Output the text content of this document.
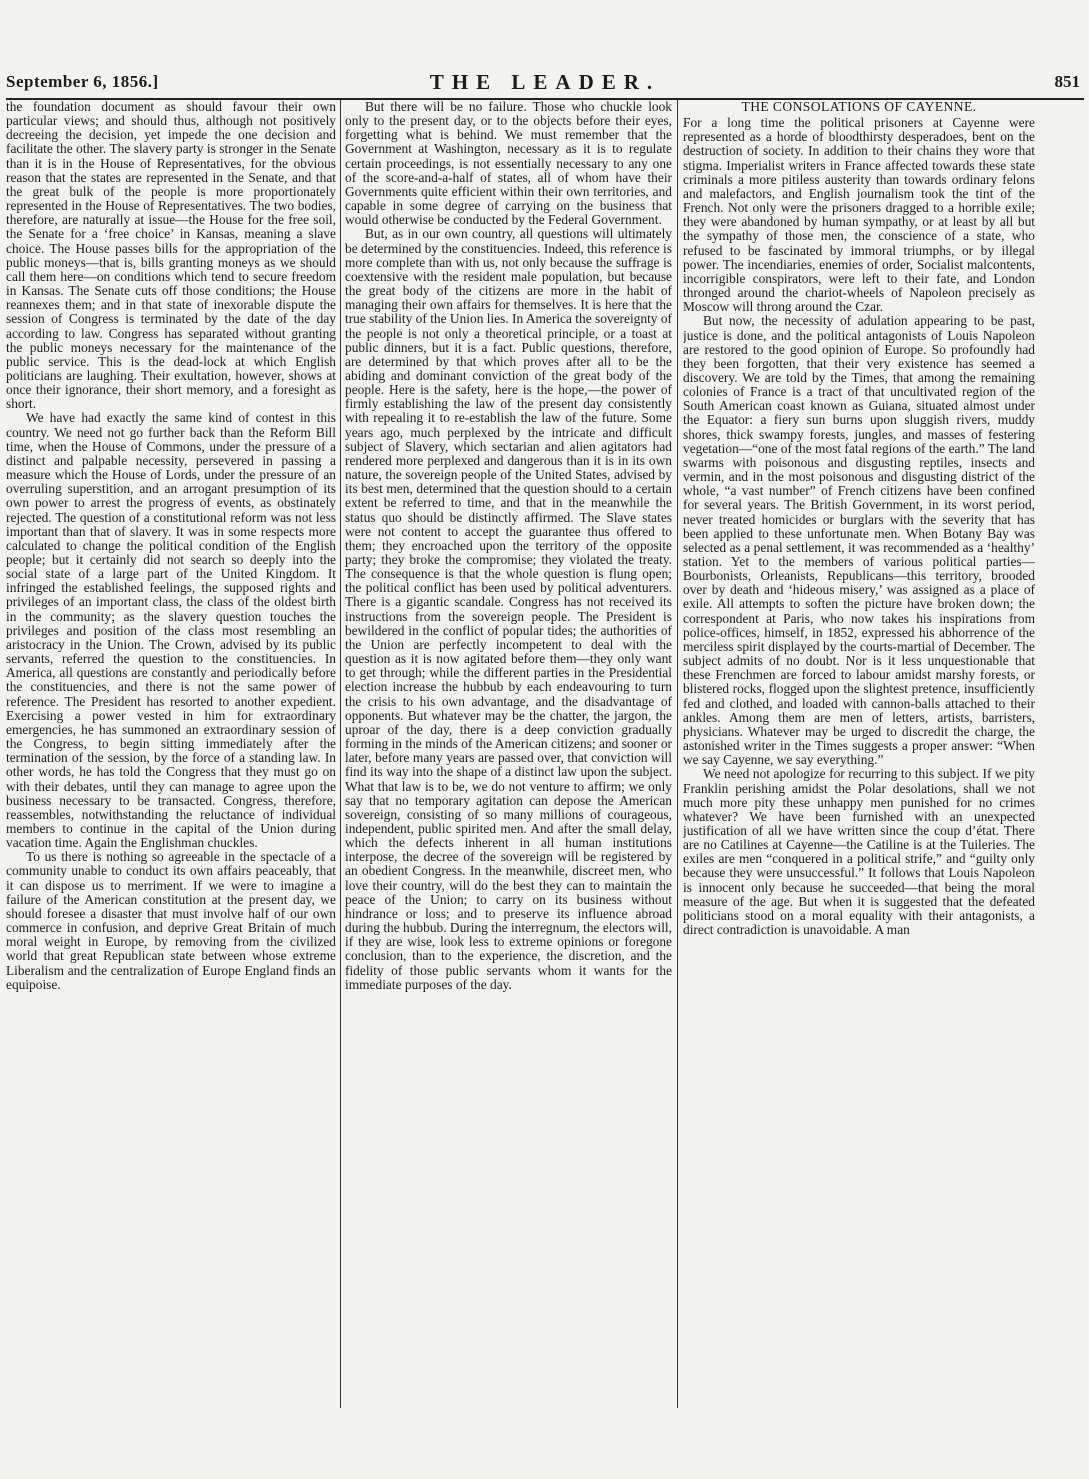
September 6, 1856.]	THE LEADER.	851

the foundation document as should favour their own particular views; and should thus, although not positively decreeing the decision, yet impede the one decision and facilitate the other. The slavery party is stronger in the Senate than it is in the House of Representatives, for the obvious reason that the states are represented in the Senate, and that the great bulk of the people is more proportionately represented in the House of Representatives. The two bodies, therefore, are naturally at issue—the House for the free soil, the Senate for a ‘free choice’ in Kansas, meaning a slave choice. The House passes bills for the appropriation of the public moneys—that is, bills granting moneys as we should call them here—on conditions which tend to secure freedom in Kansas. The Senate cuts off those conditions; the House reannexes them; and in that state of inexorable dispute the session of Congress is terminated by the date of the day according to law. Congress has separated without granting the public moneys necessary for the maintenance of the public service. This is the dead-lock at which English politicians are laughing. Their exultation, however, shows at once their ignorance, their short memory, and a foresight as short.

We have had exactly the same kind of contest in this country. We need not go further back than the Reform Bill time, when the House of Commons, under the pressure of a distinct and palpable necessity, persevered in passing a measure which the House of Lords, under the pressure of an overruling superstition, and an arrogant presumption of its own power to arrest the progress of events, as obstinately rejected. The question of a constitutional reform was not less important than that of slavery. It was in some respects more calculated to change the political condition of the English people; but it certainly did not search so deeply into the social state of a large part of the United Kingdom. It infringed the established feelings, the supposed rights and privileges of an important class, the class of the oldest birth in the community; as the slavery question touches the privileges and position of the class most resembling an aristocracy in the Union. The Crown, advised by its public servants, referred the question to the constituencies. In America, all questions are constantly and periodically before the constituencies, and there is not the same power of reference. The President has resorted to another expedient. Exercising a power vested in him for extraordinary emergencies, he has summoned an extraordinary session of the Congress, to begin sitting immediately after the termination of the session, by the force of a standing law. In other words, he has told the Congress that they must go on with their debates, until they can manage to agree upon the business necessary to be transacted. Congress, therefore, reassembles, notwithstanding the reluctance of individual members to continue in the capital of the Union during vacation time. Again the Englishman chuckles.

To us there is nothing so agreeable in the spectacle of a community unable to conduct its own affairs peaceably, that it can dispose us to merriment. If we were to imagine a failure of the American constitution at the present day, we should foresee a disaster that must involve half of our own commerce in confusion, and deprive Great Britain of much moral weight in Europe, by removing from the civilized world that great Republican state between whose extreme Liberalism and the centralization of Europe England finds an equipoise.

But there will be no failure. Those who chuckle look only to the present day, or to the objects before their eyes, forgetting what is behind. We must remember that the Government at Washington, necessary as it is to regulate certain proceedings, is not essentially necessary to any one of the score-and-a-half of states, all of whom have their Governments quite efficient within their own territories, and capable in some degree of carrying on the business that would otherwise be conducted by the Federal Government.

But, as in our own country, all questions will ultimately be determined by the constituencies. Indeed, this reference is more complete than with us, not only because the suffrage is coextensive with the resident male population, but because the great body of the citizens are more in the habit of managing their own affairs for themselves. It is here that the true stability of the Union lies. In America the sovereignty of the people is not only a theoretical principle, or a toast at public dinners, but it is a fact. Public questions, therefore, are determined by that which proves after all to be the abiding and dominant conviction of the great body of the people. Here is the safety, here is the hope,—the power of firmly establishing the law of the present day consistently with repealing it to re-establish the law of the future. Some years ago, much perplexed by the intricate and difficult subject of Slavery, which sectarian and alien agitators had rendered more perplexed and dangerous than it is in its own nature, the sovereign people of the United States, advised by its best men, determined that the question should to a certain extent be referred to time, and that in the meanwhile the status quo should be distinctly affirmed. The Slave states were not content to accept the guarantee thus offered to them; they encroached upon the territory of the opposite party; they broke the compromise; they violated the treaty. The consequence is that the whole question is flung open; the political conflict has been used by political adventurers. There is a gigantic scandale. Congress has not received its instructions from the sovereign people. The President is bewildered in the conflict of popular tides; the authorities of the Union are perfectly incompetent to deal with the question as it is now agitated before them—they only want to get through; while the different parties in the Presidential election increase the hubbub by each endeavouring to turn the crisis to his own advantage, and the disadvantage of opponents. But whatever may be the chatter, the jargon, the uproar of the day, there is a deep conviction gradually forming in the minds of the American citizens; and sooner or later, before many years are passed over, that conviction will find its way into the shape of a distinct law upon the subject. What that law is to be, we do not venture to affirm; we only say that no temporary agitation can depose the American sovereign, consisting of so many millions of courageous, independent, public spirited men. And after the small delay, which the defects inherent in all human institutions interpose, the decree of the sovereign will be registered by an obedient Congress. In the meanwhile, discreet men, who love their country, will do the best they can to maintain the peace of the Union; to carry on its business without hindrance or loss; and to preserve its influence abroad during the hubbub. During the interregnum, the electors will, if they are wise, look less to extreme opinions or foregone conclusion, than to the experience, the discretion, and the fidelity of those public servants whom it wants for the immediate purposes of the day.

THE CONSOLATIONS OF CAYENNE.

For a long time the political prisoners at Cayenne were represented as a horde of bloodthirsty desperadoes, bent on the destruction of society. In addition to their chains they wore that stigma. Imperialist writers in France affected towards these state criminals a more pitiless austerity than towards ordinary felons and malefactors, and English journalism took the tint of the French. Not only were the prisoners dragged to a horrible exile; they were abandoned by human sympathy, or at least by all but the sympathy of those men, the conscience of a state, who refused to be fascinated by immoral triumphs, or by illegal power. The incendiaries, enemies of order, Socialist malcontents, incorrigible conspirators, were left to their fate, and London thronged around the chariot-wheels of Napoleon precisely as Moscow will throng around the Czar.

But now, the necessity of adulation appearing to be past, justice is done, and the political antagonists of Louis Napoleon are restored to the good opinion of Europe. So profoundly had they been forgotten, that their very existence has seemed a discovery. We are told by the Times, that among the remaining colonies of France is a tract of that uncultivated region of the South American coast known as Guiana, situated almost under the Equator: a fiery sun burns upon sluggish rivers, muddy shores, thick swampy forests, jungles, and masses of festering vegetation—“one of the most fatal regions of the earth.” The land swarms with poisonous and disgusting reptiles, insects and vermin, and in the most poisonous and disgusting district of the whole, “a vast number” of French citizens have been confined for several years. The British Government, in its worst period, never treated homicides or burglars with the severity that has been applied to these unfortunate men. When Botany Bay was selected as a penal settlement, it was recommended as a ‘healthy’ station. Yet to the members of various political parties—Bourbonists, Orleanists, Republicans—this territory, brooded over by death and ‘hideous misery,’ was assigned as a place of exile. All attempts to soften the picture have broken down; the correspondent at Paris, who now takes his inspirations from police-offices, himself, in 1852, expressed his abhorrence of the merciless spirit displayed by the courts-martial of December. The subject admits of no doubt. Nor is it less unquestionable that these Frenchmen are forced to labour amidst marshy forests, or blistered rocks, flogged upon the slightest pretence, insufficiently fed and clothed, and loaded with cannon-balls attached to their ankles. Among them are men of letters, artists, barristers, physicians. Whatever may be urged to discredit the charge, the astonished writer in the Times suggests a proper answer: “When we say Cayenne, we say everything.”

We need not apologize for recurring to this subject. If we pity Franklin perishing amidst the Polar desolations, shall we not much more pity these unhappy men punished for no crimes whatever? We have been furnished with an unexpected justification of all we have written since the coup d’état. There are no Catilines at Cayenne—the Catiline is at the Tuileries. The exiles are men “conquered in a political strife,” and “guilty only because they were unsuccessful.” It follows that Louis Napoleon is innocent only because he succeeded—that being the moral measure of the age. But when it is suggested that the defeated politicians stood on a moral equality with their antagonists, a direct contradiction is unavoidable. A man
